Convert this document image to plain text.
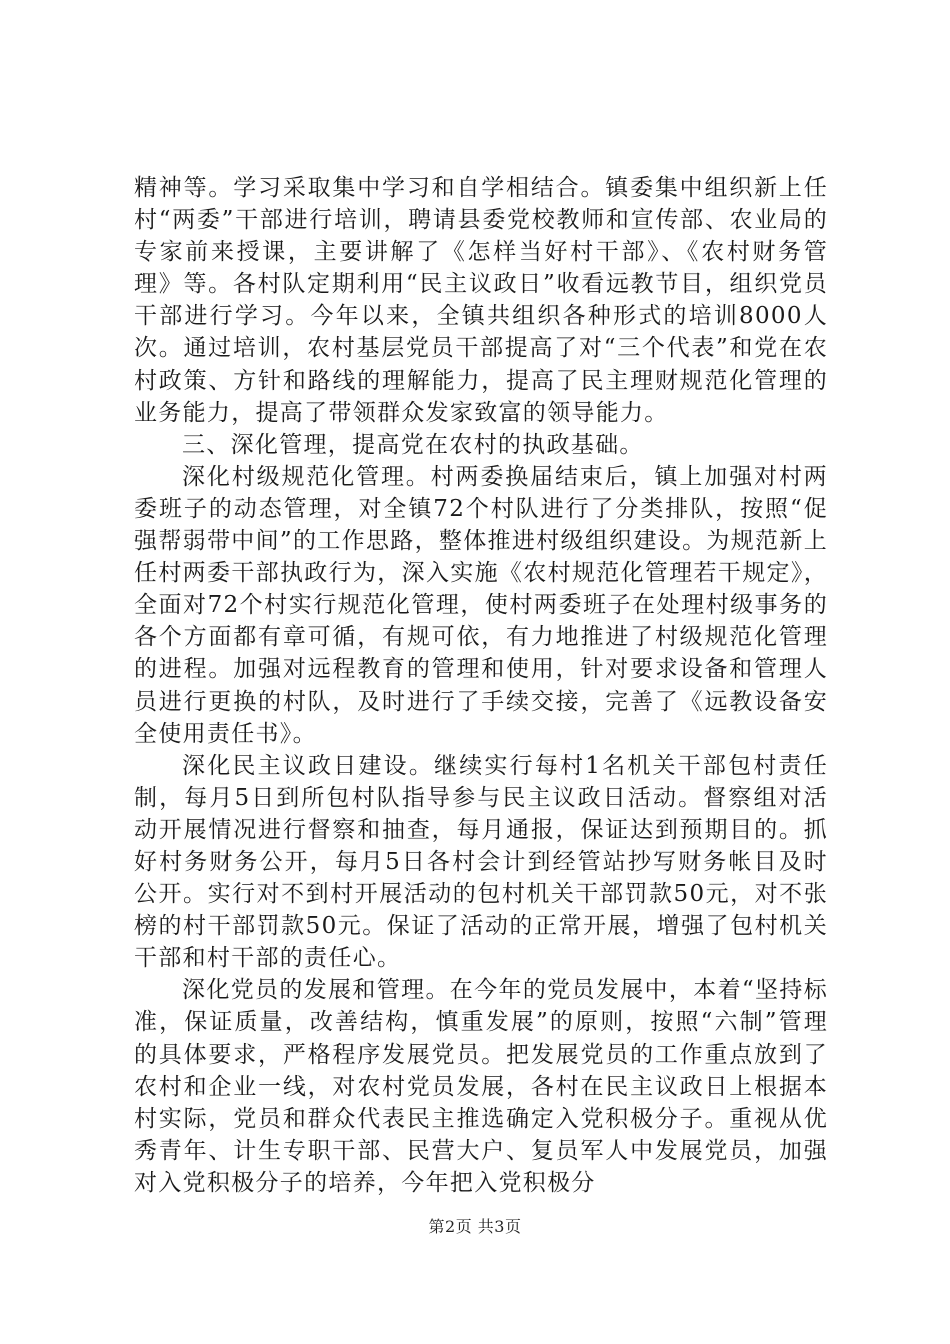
精神等。学习采取集中学习和自学相结合。镇委集中组织新上任村“两委”干部进行培训，聘请县委党校教师和宣传部、农业局的专家前来授课，主要讲解了《怎样当好村干部》、《农村财务管理》等。各村队定期利用“民主议政日”收看远教节目，组织党员干部进行学习。今年以来，全镇共组织各种形式的培训8000人次。通过培训，农村基层党员干部提高了对“三个代表”和党在农村政策、方针和路线的理解能力，提高了民主理财规范化管理的业务能力，提高了带领群众发家致富的领导能力。

三、深化管理，提高党在农村的执政基础。

深化村级规范化管理。村两委换届结束后，镇上加强对村两委班子的动态管理，对全镇72个村队进行了分类排队，按照“促强帮弱带中间”的工作思路，整体推进村级组织建设。为规范新上任村两委干部执政行为，深入实施《农村规范化管理若干规定》，全面对72个村实行规范化管理，使村两委班子在处理村级事务的各个方面都有章可循，有规可依，有力地推进了村级规范化管理的进程。加强对远程教育的管理和使用，针对要求设备和管理人员进行更换的村队，及时进行了手续交接，完善了《远教设备安全使用责任书》。

深化民主议政日建设。继续实行每村1名机关干部包村责任制，每月5日到所包村队指导参与民主议政日活动。督察组对活动开展情况进行督察和抽查，每月通报，保证达到预期目的。抓好村务财务公开，每月5日各村会计到经管站抄写财务帐目及时公开。实行对不到村开展活动的包村机关干部罚款50元，对不张榜的村干部罚款50元。保证了活动的正常开展，增强了包村机关干部和村干部的责任心。

深化党员的发展和管理。在今年的党员发展中，本着“坚持标准，保证质量，改善结构，慎重发展”的原则，按照“六制”管理的具体要求，严格程序发展党员。把发展党员的工作重点放到了农村和企业一线，对农村党员发展，各村在民主议政日上根据本村实际，党员和群众代表民主推选确定入党积极分子。重视从优秀青年、计生专职干部、民营大户、复员军人中发展党员，加强对入党积极分子的培养，今年把入党积极分

第2页 共3页
